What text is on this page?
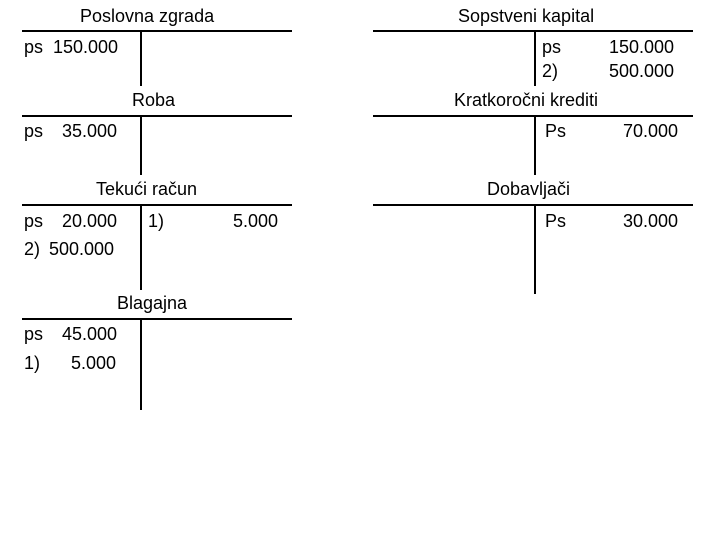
Poslovna zgrada
ps 150.000
Roba
ps 35.000
Tekući račun
ps 20.000
2) 500.000
1)	5.000
Blagajna
ps 45.000
1) 5.000
Sopstveni kapital
ps	150.000
2)	500.000
Kratkoročni krediti
Ps	70.000
Dobavljači
Ps	30.000
